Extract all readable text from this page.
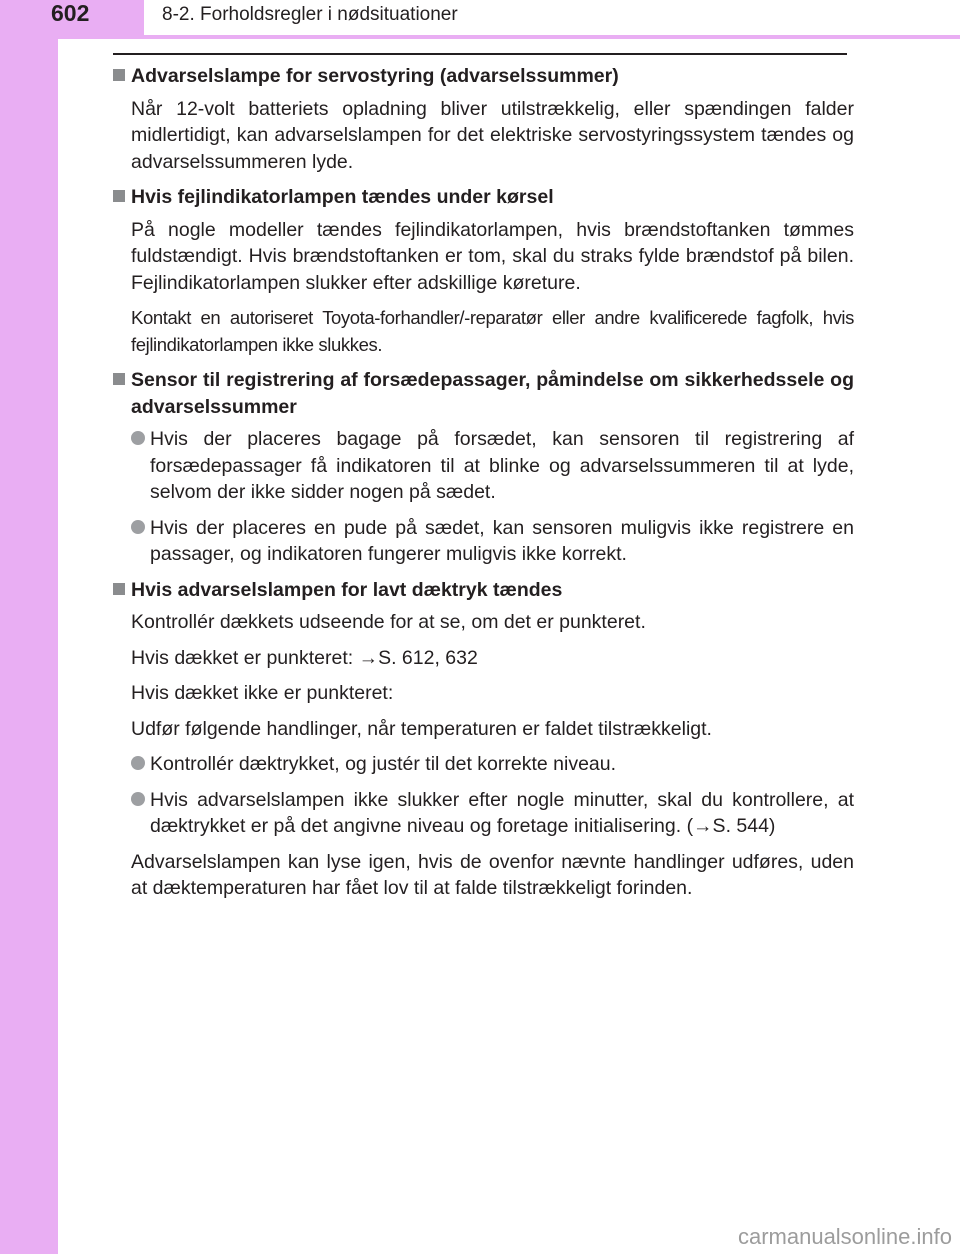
602	8-2. Forholdsregler i nødsituationer
Advarselslampe for servostyring (advarselssummer)
Når 12-volt batteriets opladning bliver utilstrækkelig, eller spændingen falder midlertidigt, kan advarselslampen for det elektriske servostyringssystem tændes og advarselssummeren lyde.
Hvis fejlindikatorlampen tændes under kørsel
På nogle modeller tændes fejlindikatorlampen, hvis brændstoftanken tømmes fuldstændigt. Hvis brændstoftanken er tom, skal du straks fylde brændstof på bilen. Fejlindikatorlampen slukker efter adskillige køreture.
Kontakt en autoriseret Toyota-forhandler/-reparatør eller andre kvalificerede fagfolk, hvis fejlindikatorlampen ikke slukkes.
Sensor til registrering af forsædepassager, påmindelse om sikkerhedssele og advarselssummer
Hvis der placeres bagage på forsædet, kan sensoren til registrering af forsædepassager få indikatoren til at blinke og advarselssummeren til at lyde, selvom der ikke sidder nogen på sædet.
Hvis der placeres en pude på sædet, kan sensoren muligvis ikke registrere en passager, og indikatoren fungerer muligvis ikke korrekt.
Hvis advarselslampen for lavt dæktryk tændes
Kontrollér dækkets udseende for at se, om det er punkteret.
Hvis dækket er punkteret: →S. 612, 632
Hvis dækket ikke er punkteret:
Udfør følgende handlinger, når temperaturen er faldet tilstrækkeligt.
Kontrollér dæktrykket, og justér til det korrekte niveau.
Hvis advarselslampen ikke slukker efter nogle minutter, skal du kontrollere, at dæktrykket er på det angivne niveau og foretage initialisering. (→S. 544)
Advarselslampen kan lyse igen, hvis de ovenfor nævnte handlinger udføres, uden at dæktemperaturen har fået lov til at falde tilstrækkeligt forinden.
carmanualsonline.info
